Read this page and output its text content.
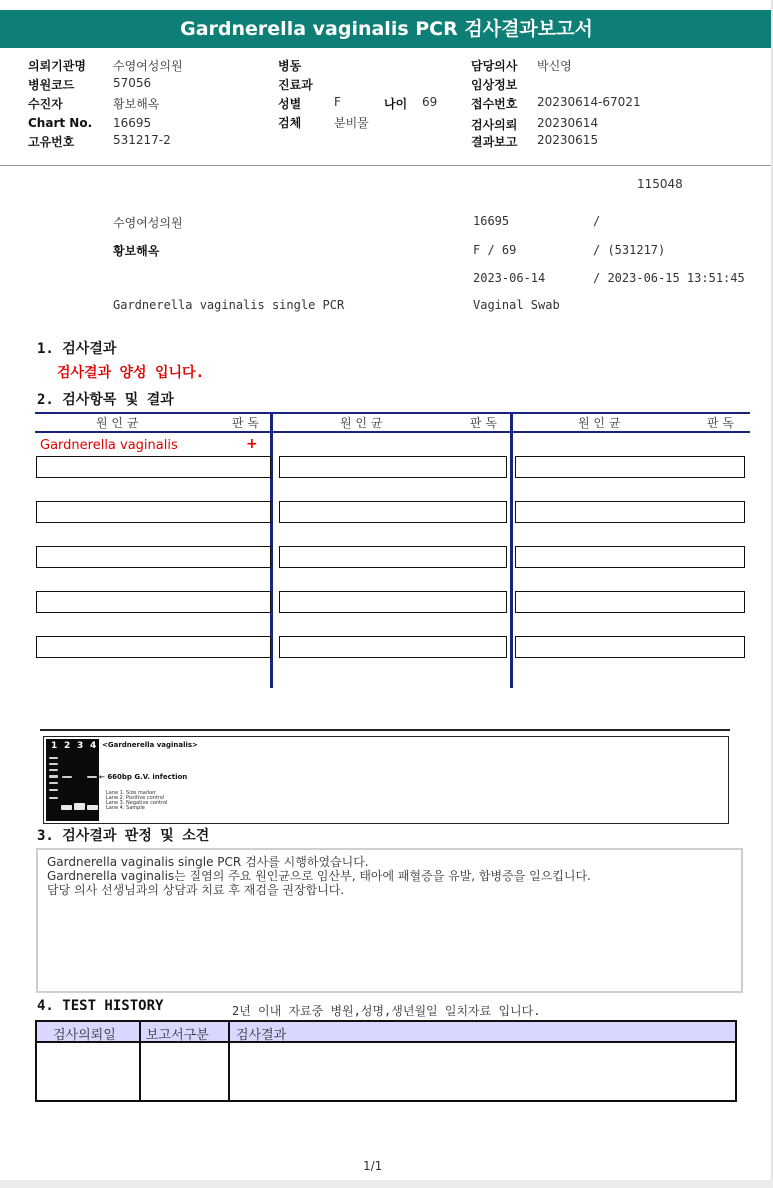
Gardnerella vaginalis PCR 검사결과보고서
의뢰기관명 수영여성의원	병동	담당의사 박신영
병원코드	57056	진료과	임상정보
수진자	황보해옥	성별	F	나이 69	접수번호 20230614-67021
Chart No. 16695	검체	분비물	검사의뢰 20230614
고유번호	531217-2	결과보고 20230615
115048
수영여성의원	16695	/
황보해옥	F / 69	/ (531217)
2023-06-14	/ 2023-06-15 13:51:45
Gardnerella vaginalis single PCR	Vaginal Swab
1. 검사결과
검사결과 양성 입니다.
2. 검사항목 및 결과
원 인 균	판 독	원 인 균	판 독	원 인 균	판 독
Gardnerella vaginalis	+
1 2 3 4 <Gardnerella vaginalis>
← 660bp G.V. infection
Lane 1. Size marker
Lane 2. Positive control
Lane 3. Negative control
Lane 4. Sample
3. 검사결과 판정 및 소견
Gardnerella vaginalis single PCR 검사를 시행하였습니다.
Gardnerella vaginalis는 질염의 주요 원인균으로 임산부, 태아에 패혈증을 유발, 합병증을 일으킵니다.
담당 의사 선생님과의 상담과 치료 후 재검을 권장합니다.
4. TEST HISTORY	2년 이내 자료중 병원,성명,생년월일 일치자료 입니다.
검사의뢰일 보고서구분 검사결과
1/1
